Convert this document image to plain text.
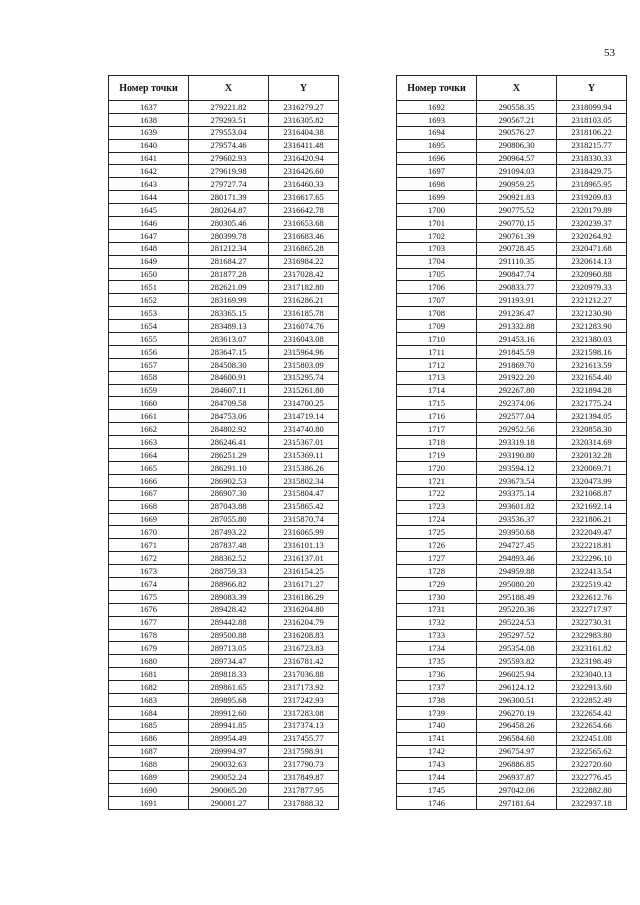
53
Номер точки	X	Y
1637	279221.82	2316279.27
1638	279293.51	2316305.82
1639	279553.04	2316404.38
1640	279574.46	2316411.48
1641	279602.93	2316420.94
1642	279619.98	2316426.60
1643	279727.74	2316460.33
1644	280171.39	2316617.65
1645	280264.87	2316642.78
1646	280305.46	2316653.68
1647	280399.78	2316683.46
1648	281212.34	2316865.28
1649	281684.27	2316984.22
1650	281877.28	2317028.42
1651	282621.09	2317182.80
1652	283169.99	2316286.21
1653	283365.15	2316185.78
1654	283489.13	2316074.76
1655	283613.07	2316043.08
1656	283647.15	2315964.96
1657	284508.30	2315803.09
1658	284600.91	2315295.74
1659	284607.11	2315261.80
1660	284709.58	2314700.25
1661	284753.06	2314719.14
1662	284802.92	2314740.80
1663	286246.41	2315367.01
1664	286251.29	2315369.11
1665	286291.10	2315386.26
1666	286902.53	2315802.34
1667	286907.30	2315804.47
1668	287043.88	2315865.42
1669	287055.80	2315870.74
1670	287493.22	2316065.99
1671	287837.48	2316101.13
1672	288362.52	2316137.01
1673	288759.33	2316154.25
1674	288966.82	2316171.27
1675	289083.39	2316186.29
1676	289428.42	2316204.80
1677	289442.88	2316204.79
1678	289500.88	2316208.83
1679	289713.05	2316723.83
1680	289734.47	2316781.42
1681	289818.33	2317036.88
1682	289861.65	2317173.92
1683	289895.68	2317242.93
1684	289912.60	2317283.08
1685	289941.85	2317374.13
1686	289954.49	2317455.77
1687	289994.97	2317598.91
1688	290032.63	2317790.73
1689	290052.24	2317849.87
1690	290065.20	2317877.95
1691	290081.27	2317888.32
Номер точки	X	Y
1692	290558.35	2318099.94
1693	290567.21	2318103.05
1694	290576.27	2318106.22
1695	290806.30	2318215.77
1696	290964.57	2318330.33
1697	291094.03	2318429.75
1698	290959.25	2318965.95
1699	290921.83	2319209.83
1700	290775.52	2320179.89
1701	290770.15	2320239.37
1702	290761.39	2320264.92
1703	290728.45	2320471.68
1704	291110.35	2320614.13
1705	290847.74	2320960.88
1706	290833.77	2320979.33
1707	291193.91	2321212.27
1708	291236.47	2321230.90
1709	291332.88	2321283.90
1710	291453.16	2321380.03
1711	291845.59	2321598.16
1712	291869.70	2321613.59
1713	291922.20	2321654.40
1714	292267.80	2321894.28
1715	292374.06	2321775.24
1716	292577.04	2321394.05
1717	292952.56	2320858.30
1718	293319.18	2320314.69
1719	293190.80	2320132.28
1720	293594.12	2320069.71
1721	293673.54	2320473.99
1722	293375.14	2321068.87
1723	293601.82	2321692.14
1724	293536.37	2321806.21
1725	293950.68	2322049.47
1726	294727.45	2322218.81
1727	294893.46	2322296.10
1728	294959.88	2322413.54
1729	295080.20	2322519.42
1730	295188.49	2322612.76
1731	295220.36	2322717.97
1732	295224.53	2322730.31
1733	295297.52	2322983.80
1734	295354.08	2323161.82
1735	295593.82	2323198.49
1736	296025.94	2323040.13
1737	296124.12	2322913.60
1738	296300.51	2322852.49
1739	296270.19	2322654.42
1740	296458.26	2322654.66
1741	296584.60	2322451.08
1742	296754.97	2322565.62
1743	296886.85	2322720.60
1744	296937.87	2322776.45
1745	297042.06	2322882.80
1746	297181.64	2322937.18
